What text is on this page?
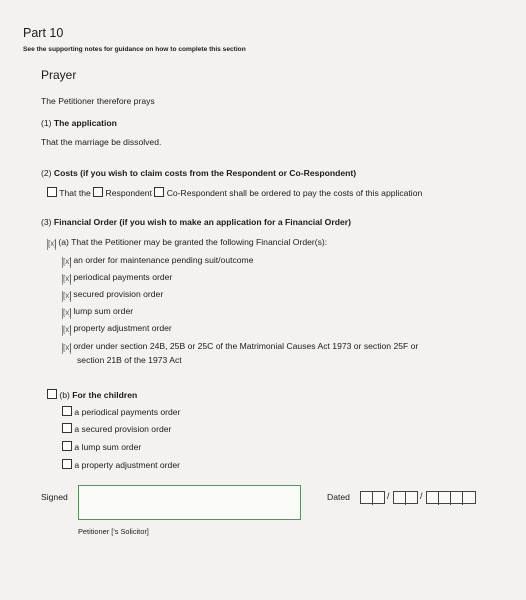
Part 10
See the supporting notes for guidance on how to complete this section
Prayer
The Petitioner therefore prays
(1) The application
That the marriage be dissolved.
(2) Costs (if you wish to claim costs from the Respondent or Co-Respondent)
That the Respondent Co-Respondent shall be ordered to pay the costs of this application
(3) Financial Order (if you wish to make an application for a Financial Order)
[x] (a) That the Petitioner may be granted the following Financial Order(s):
[x] an order for maintenance pending suit/outcome
[x] periodical payments order
[x] secured provision order
[x] lump sum order
[x] property adjustment order
[x] order under section 24B, 25B or 25C of the Matrimonial Causes Act 1973 or section 25F or
section 21B of the 1973 Act
(b) For the children
a periodical payments order
a secured provision order
a lump sum order
a property adjustment order
Signed
Petitioner ['s Solicitor]
Dated	/	/
